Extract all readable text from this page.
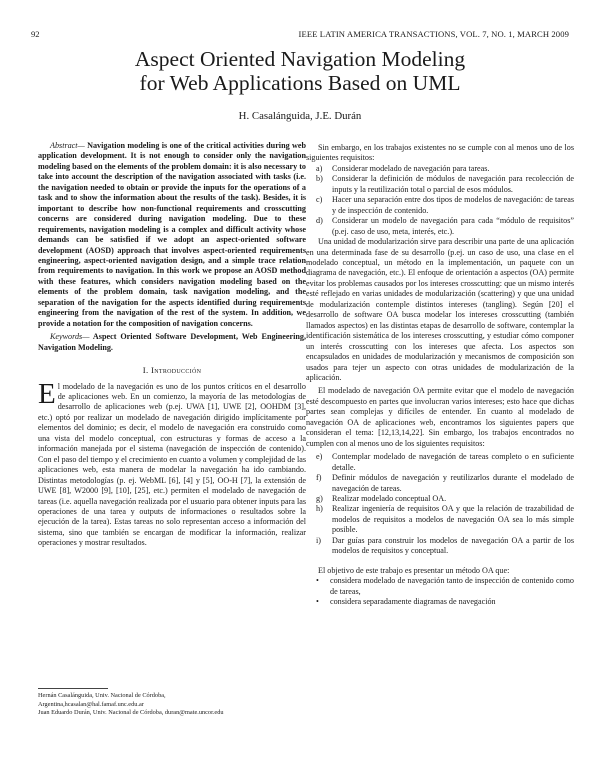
92	IEEE LATIN AMERICA TRANSACTIONS, VOL. 7, NO. 1, MARCH 2009
Aspect Oriented Navigation Modeling
for Web Applications Based on UML
H. Casalánguida, J.E. Durán

Abstract— Navigation modeling is one of the critical activities during web application development. It is not enough to consider only the navigation modeling based on the elements of the problem domain: it is also necessary to take into account the description of the navigation associated with tasks (i.e. the navigation needed to obtain or provide the inputs for the operations of a task and to show the information about the results of the task). Besides, it is important to describe how non-functional requirements and crosscutting concerns are considered during navigation modeling. Due to these requirements, navigation modeling is a complex and difficult activity whose demands can be satisfied if we adopt an aspect-oriented software development (AOSD) approach that involves aspect-oriented requirements engineering, aspect-oriented navigation design, and a simple trace relation from requirements to navigation. In this work we propose an AOSD method with these features, which considers navigation modeling based on the elements of the problem domain, task navigation modeling, and the separation of the navigation for the aspects identified during requirements engineering from the navigation of the rest of the system. In addition, we provide a notation for the composition of navigation concerns.

Keywords— Aspect Oriented Software Development, Web Engineering, Navigation Modeling.

I. Introducción

El modelado de la navegación es uno de los puntos críticos en el desarrollo de aplicaciones web. En un comienzo, la mayoría de las metodologías de desarrollo de aplicaciones web (p.ej. UWA [1], UWE [2], OOHDM [3], etc.) optó por realizar un modelado de navegación dirigido implícitamente por elementos del dominio; es decir, el modelo de navegación era construido como una vista del modelo conceptual, con estructuras y formas de acceso a la información manejada por el sistema (navegación de inspección de contenido). Con el paso del tiempo y el crecimiento en cuanto a volumen y complejidad de las aplicaciones web, esta manera de modelar la navegación ha ido cambiando. Distintas metodologías (p. ej. WebML [6], [4] y [5], OO-H [7], la extensión de UWE [8], W2000 [9], [10], [25], etc.) permiten el modelado de navegación de tareas (i.e. aquella navegación realizada por el usuario para obtener inputs para las operaciones de una tarea y outputs de informaciones o resultados sobre la ejecución de la tarea). Estas tareas no solo representan acceso a información del sistema, sino que también se encargan de modificar la información, realizar operaciones y mostrar resultados.

Sin embargo, en los trabajos existentes no se cumple con al menos uno de los siguientes requisitos:

a) Considerar modelado de navegación para tareas.
b) Considerar la definición de módulos de navegación para recolección de inputs y la reutilización total o parcial de esos módulos.
c) Hacer una separación entre dos tipos de modelos de navegación: de tareas y de inspección de contenido.
d) Considerar un modelo de navegación para cada “módulo de requisitos” (p.ej. caso de uso, meta, interés, etc.).

Una unidad de modularización sirve para describir una parte de una aplicación en una determinada fase de su desarrollo (p.ej. un caso de uso, una clase en el modelado conceptual, un método en la implementación, un paquete con un diagrama de navegación, etc.). El enfoque de orientación a aspectos (OA) permite evitar los problemas causados por los intereses crosscutting: que un mismo interés esté reflejado en varias unidades de modularización (scattering) y que una unidad de modularización contemple distintos intereses (tangling). Según [20] el desarrollo de software OA busca modelar los intereses crosscutting (también llamados aspectos) en las distintas etapas de desarrollo de software, contemplar la identificación sistemática de los intereses crosscutting, y estudiar cómo componer un interés crosscutting con los intereses que afecta. Los aspectos son encapsulados en unidades de modularización y mecanismos de composición son usados para tejer un aspecto con otras unidades de modularización de la aplicación.

El modelado de navegación OA permite evitar que el modelo de navegación esté descompuesto en partes que involucran varios intereses; esto hace que dichas partes sean complejas y difíciles de entender. En cuanto al modelado de navegación OA de aplicaciones web, encontramos los siguientes papers que consideran el tema: [12,13,14,22]. Sin embargo, los trabajos encontrados no cumplen con al menos uno de los siguientes requisitos:

e) Contemplar modelado de navegación de tareas completo o en suficiente detalle.
f) Definir módulos de navegación y reutilizarlos durante el modelado de navegación de tareas.
g) Realizar modelado conceptual OA.
h) Realizar ingeniería de requisitos OA y que la relación de trazabilidad de modelos de requisitos a modelos de navegación OA sea lo más simple posible.
i) Dar guías para construir los modelos de navegación OA a partir de los modelos de requisitos y conceptual.

El objetivo de este trabajo es presentar un método OA que:

• considera modelado de navegación tanto de inspección de contenido como de tareas,
• considera separadamente diagramas de navegación
Hernán Casalánguida, Univ. Nacional de Córdoba,
Argentina,hcasalan@hal.famaf.unc.edu.ar
Juan Eduardo Durán, Univ. Nacional de Córdoba, duran@mate.uncor.edu
